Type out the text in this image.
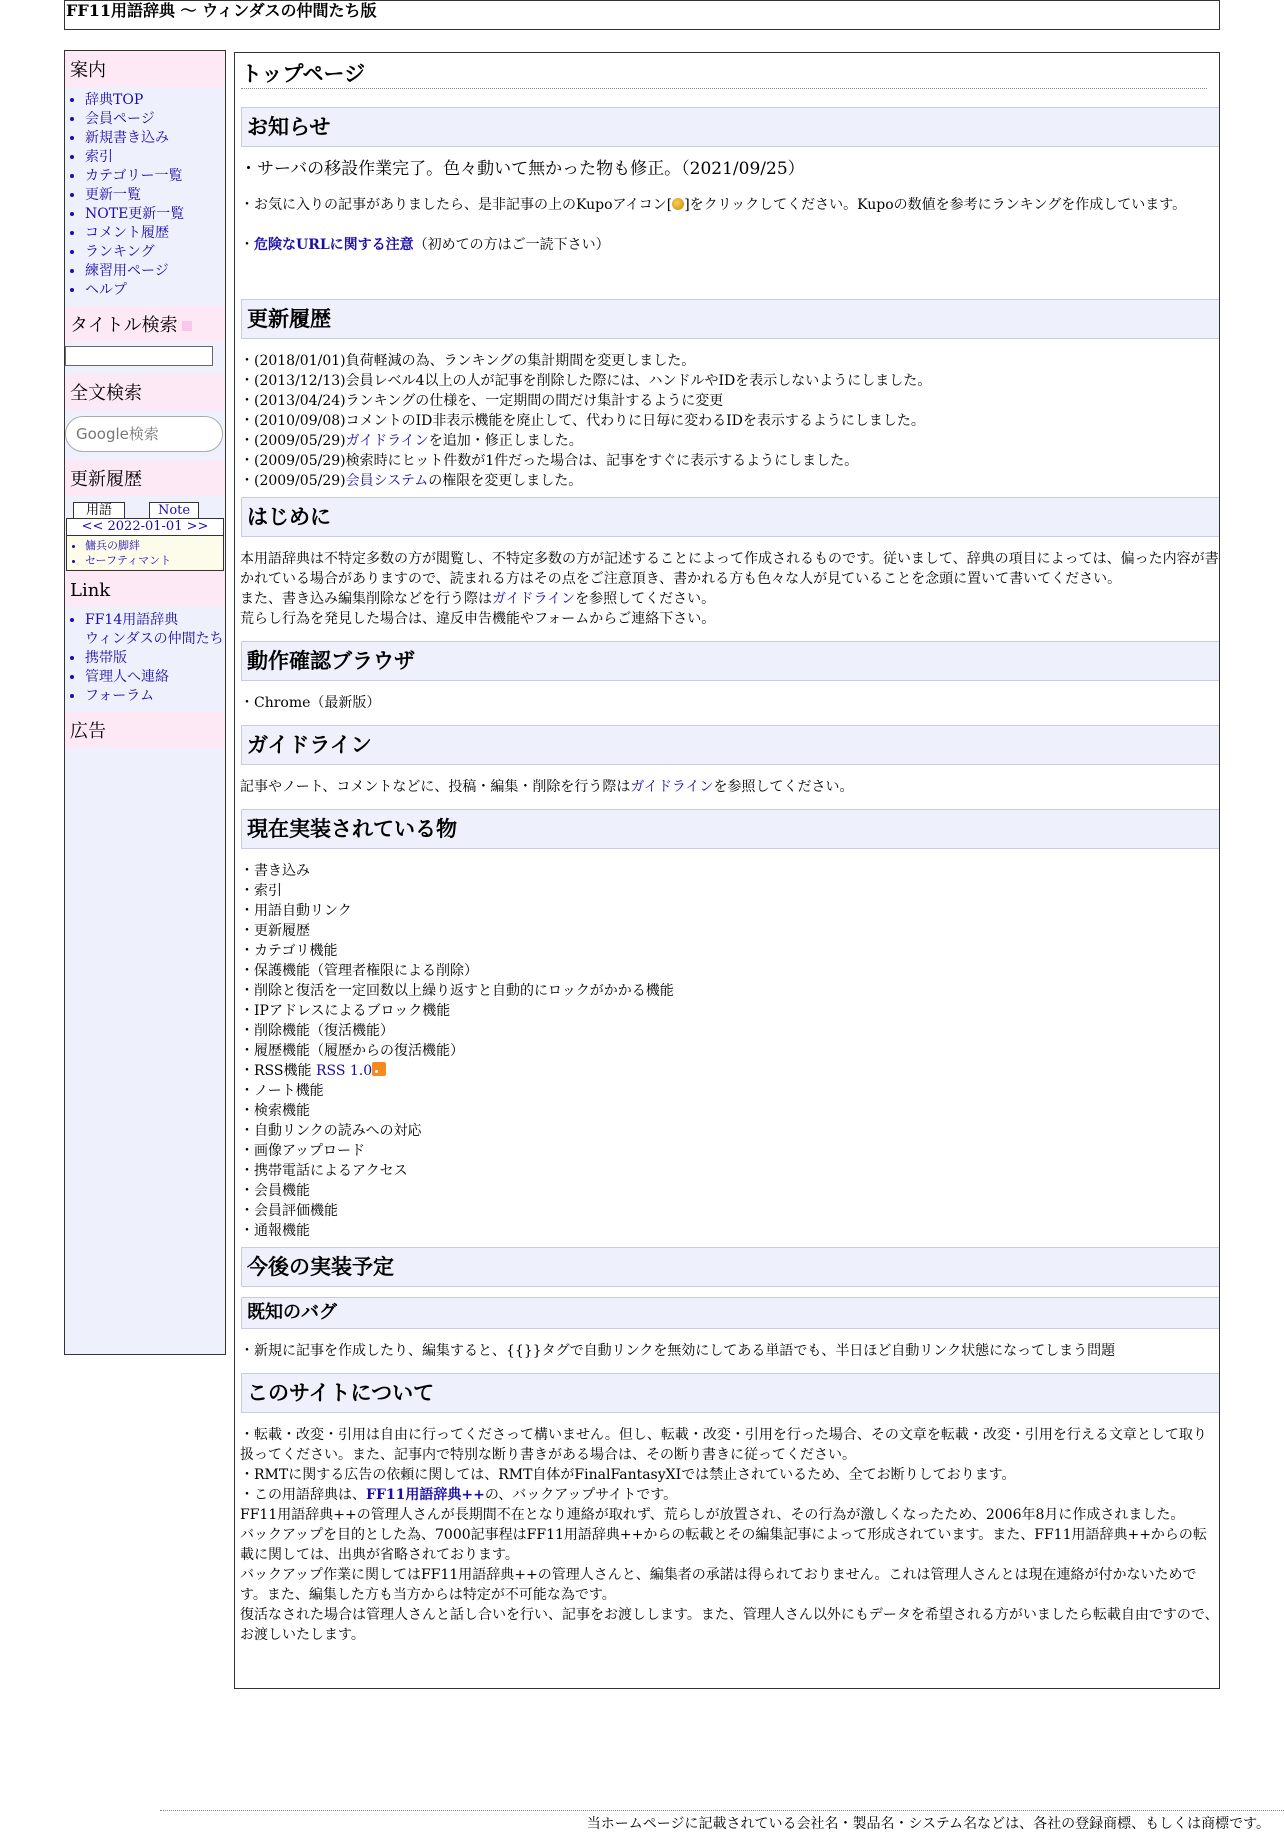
FF11用語辞典 ～ ウィンダスの仲間たち版
案内
• 辞典TOP
• 会員ページ
• 新規書き込み
• 索引
• カテゴリー一覧
• 更新一覧
• NOTE更新一覧
• コメント履歴
• ランキング
• 練習用ページ
• ヘルプ
タイトル検索
全文検索
Google検索
更新履歴
用語	Note
<< 2022-01-01 >>
• 傭兵の脚絆
• セーフティマント
Link
• FF14用語辞典
• ウィンダスの仲間たち
• 携帯版
• 管理人へ連絡
• フォーラム
広告
トップページ
お知らせ
・サーバの移設作業完了。色々動いて無かった物も修正。（2021/09/25）
・お気に入りの記事がありましたら、是非記事の上のKupoアイコン[ ]をクリックしてください。Kupoの数値を参考にランキングを作成しています。
・危険なURLに関する注意（初めての方はご一読下さい）
更新履歴
・(2018/01/01)負荷軽減の為、ランキングの集計期間を変更しました。
・(2013/12/13)会員レベル4以上の人が記事を削除した際には、ハンドルやIDを表示しないようにしました。
・(2013/04/24)ランキングの仕様を、一定期間の間だけ集計するように変更
・(2010/09/08)コメントのID非表示機能を廃止して、代わりに日毎に変わるIDを表示するようにしました。
・(2009/05/29)ガイドラインを追加・修正しました。
・(2009/05/29)検索時にヒット件数が1件だった場合は、記事をすぐに表示するようにしました。
・(2009/05/29)会員システムの権限を変更しました。
はじめに
本用語辞典は不特定多数の方が閲覧し、不特定多数の方が記述することによって作成されるものです。従いまして、辞典の項目によっては、偏った内容が書かれている場合がありますので、読まれる方はその点をご注意頂き、書かれる方も色々な人が見ていることを念頭に置いて書いてください。
また、書き込み編集削除などを行う際はガイドラインを参照してください。
荒らし行為を発見した場合は、違反申告機能やフォームからご連絡下さい。
動作確認ブラウザ
・Chrome（最新版）
ガイドライン
記事やノート、コメントなどに、投稿・編集・削除を行う際はガイドラインを参照してください。
現在実装されている物
・書き込み
・索引
・用語自動リンク
・更新履歴
・カテゴリ機能
・保護機能（管理者権限による削除）
・削除と復活を一定回数以上繰り返すと自動的にロックがかかる機能
・IPアドレスによるブロック機能
・削除機能（復活機能）
・履歴機能（履歴からの復活機能）
・RSS機能 RSS 1.0
・ノート機能
・検索機能
・自動リンクの読みへの対応
・画像アップロード
・携帯電話によるアクセス
・会員機能
・会員評価機能
・通報機能
今後の実装予定
既知のバグ
・新規に記事を作成したり、編集すると、{{}}タグで自動リンクを無効にしてある単語でも、半日ほど自動リンク状態になってしまう問題
このサイトについて
・転載・改変・引用は自由に行ってくださって構いません。但し、転載・改変・引用を行った場合、その文章を転載・改変・引用を行える文章として取り扱ってください。また、記事内で特別な断り書きがある場合は、その断り書きに従ってください。
・RMTに関する広告の依頼に関しては、RMT自体がFinalFantasyXIでは禁止されているため、全てお断りしております。
・この用語辞典は、FF11用語辞典++の、バックアップサイトです。
FF11用語辞典++の管理人さんが長期間不在となり連絡が取れず、荒らしが放置され、その行為が激しくなったため、2006年8月に作成されました。
バックアップを目的とした為、7000記事程はFF11用語辞典++からの転載とその編集記事によって形成されています。また、FF11用語辞典++からの転載に関しては、出典が省略されております。
バックアップ作業に関してはFF11用語辞典++の管理人さんと、編集者の承諾は得られておりません。これは管理人さんとは現在連絡が付かないためです。また、編集した方も当方からは特定が不可能な為です。
復活なされた場合は管理人さんと話し合いを行い、記事をお渡しします。また、管理人さん以外にもデータを希望される方がいましたら転載自由ですので、お渡しいたします。
当ホームページに記載されている会社名・製品名・システム名などは、各社の登録商標、もしくは商標です。
